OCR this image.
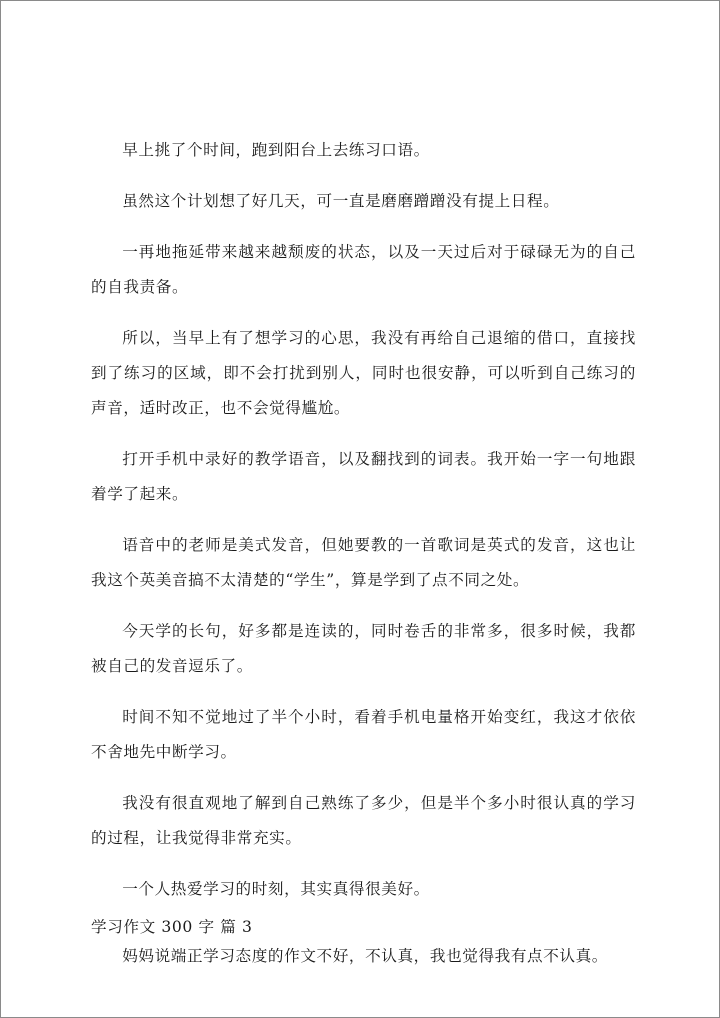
早上挑了个时间，跑到阳台上去练习口语。

虽然这个计划想了好几天，可一直是磨磨蹭蹭没有提上日程。

一再地拖延带来越来越颓废的状态，以及一天过后对于碌碌无为的自己的自我责备。

所以，当早上有了想学习的心思，我没有再给自己退缩的借口，直接找到了练习的区域，即不会打扰到别人，同时也很安静，可以听到自己练习的声音，适时改正，也不会觉得尴尬。

打开手机中录好的教学语音，以及翻找到的词表。我开始一字一句地跟着学了起来。

语音中的老师是美式发音，但她要教的一首歌词是英式的发音，这也让我这个英美音搞不太清楚的“学生”，算是学到了点不同之处。

今天学的长句，好多都是连读的，同时卷舌的非常多，很多时候，我都被自己的发音逗乐了。

时间不知不觉地过了半个小时，看着手机电量格开始变红，我这才依依不舍地先中断学习。

我没有很直观地了解到自己熟练了多少，但是半个多小时很认真的学习的过程，让我觉得非常充实。

一个人热爱学习的时刻，其实真得很美好。

学习作文 300 字 篇 3

妈妈说端正学习态度的作文不好，不认真，我也觉得我有点不认真。
